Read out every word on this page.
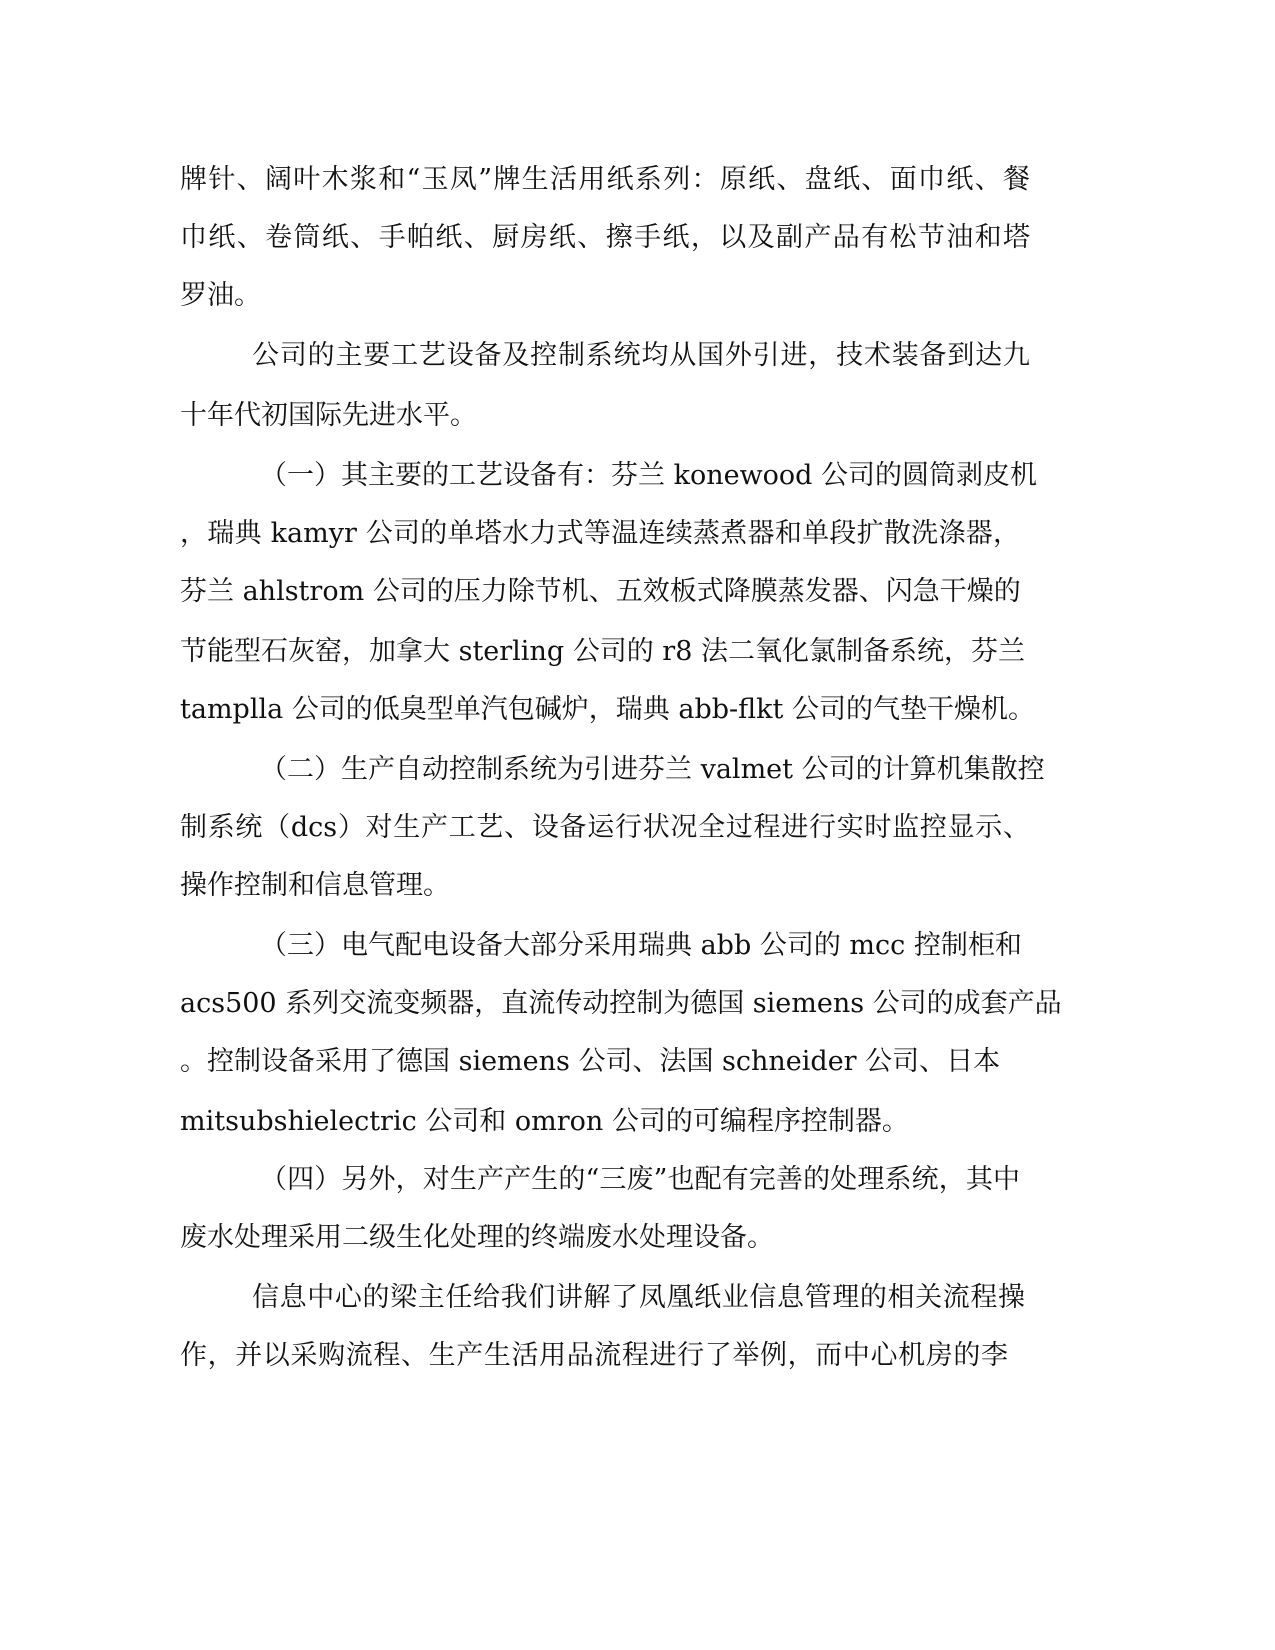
牌针、阔叶木浆和“玉凤”牌生活用纸系列：原纸、盘纸、面巾纸、餐
巾纸、卷筒纸、手帕纸、厨房纸、擦手纸，以及副产品有松节油和塔
罗油。
公司的主要工艺设备及控制系统均从国外引进，技术装备到达九
十年代初国际先进水平。
（一）其主要的工艺设备有：芬兰 konewood 公司的圆筒剥皮机
，瑞典 kamyr 公司的单塔水力式等温连续蒸煮器和单段扩散洗涤器，
芬兰 ahlstrom 公司的压力除节机、五效板式降膜蒸发器、闪急干燥的
节能型石灰窑，加拿大 sterling 公司的 r8 法二氧化氯制备系统，芬兰
tamplla 公司的低臭型单汽包碱炉，瑞典 abb-flkt 公司的气垫干燥机。
（二）生产自动控制系统为引进芬兰 valmet 公司的计算机集散控
制系统（dcs）对生产工艺、设备运行状况全过程进行实时监控显示、
操作控制和信息管理。
（三）电气配电设备大部分采用瑞典 abb 公司的 mcc 控制柜和
acs500 系列交流变频器，直流传动控制为德国 siemens 公司的成套产品
。控制设备采用了德国 siemens 公司、法国 schneider 公司、日本
mitsubshielectric 公司和 omron 公司的可编程序控制器。
（四）另外，对生产产生的“三废”也配有完善的处理系统，其中
废水处理采用二级生化处理的终端废水处理设备。
信息中心的梁主任给我们讲解了凤凰纸业信息管理的相关流程操
作，并以采购流程、生产生活用品流程进行了举例，而中心机房的李
